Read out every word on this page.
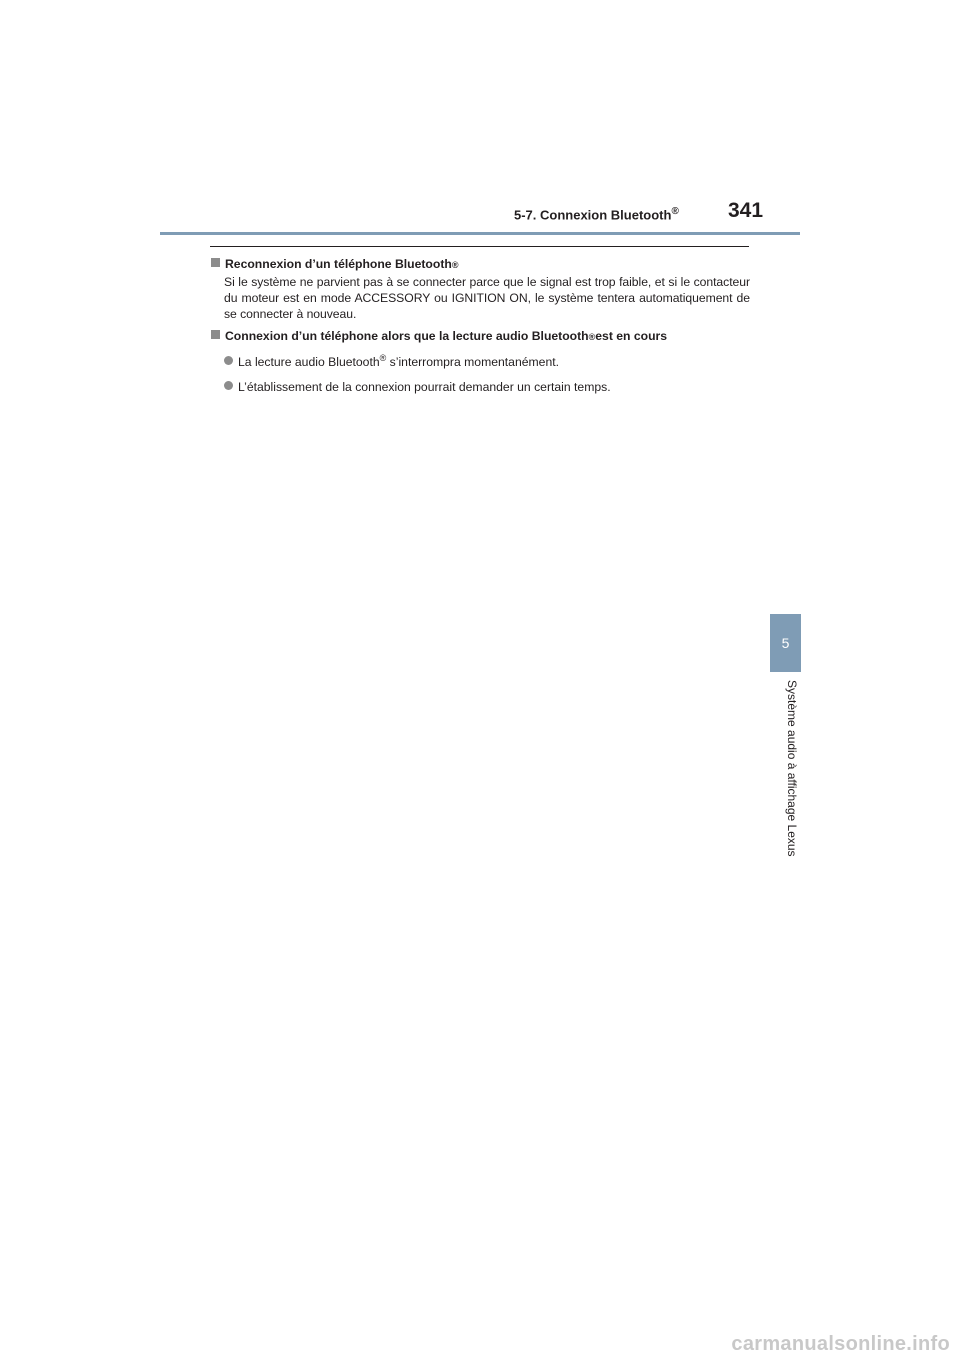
5-7. Connexion Bluetooth® 341
5
Système audio à affichage Lexus
Reconnexion d’un téléphone Bluetooth ®

Si le système ne parvient pas à se connecter parce que le signal est trop faible, et si le contacteur du moteur est en mode ACCESSORY ou IGNITION ON, le système tentera automatiquement de se connecter à nouveau.

Connexion d’un téléphone alors que la lecture audio Bluetooth ® est en cours
La lecture audio Bluetooth® s’interrompra momentanément.
L’établissement de la connexion pourrait demander un certain temps.
carmanualsonline.info
